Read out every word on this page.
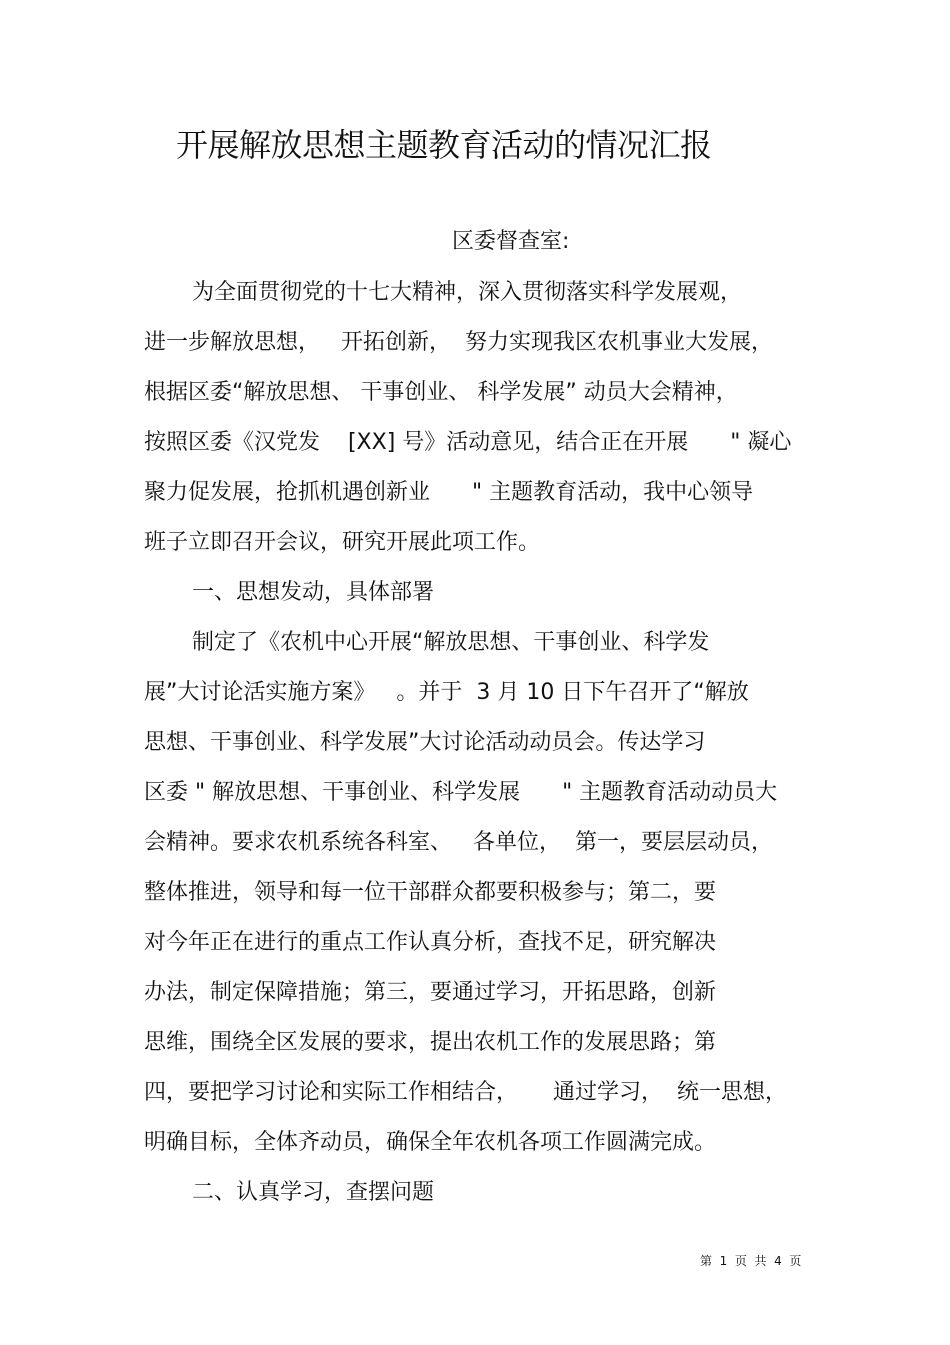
开展解放思想主题教育活动的情况汇报
区委督查室:
为全面贯彻党的十七大精神，深入贯彻落实科学发展观，
进一步解放思想，   开拓创新，  努力实现我区农机事业大发展，
根据区委“解放思想、 干事创业、 科学发展” 动员大会精神，
按照区委《汉党发    [XX] 号》活动意见，结合正在开展      " 凝心
聚力促发展，抢抓机遇创新业      " 主题教育活动，我中心领导
班子立即召开会议，研究开展此项工作。
一、思想发动，具体部署
制定了《农机中心开展“解放思想、干事创业、科学发
展”大讨论活实施方案》   。并于  3 月 10 日下午召开了“解放
思想、干事创业、科学发展”大讨论活动动员会。传达学习
区委 " 解放思想、干事创业、科学发展      " 主题教育活动动员大
会精神。要求农机系统各科室、   各单位，  第一，要层层动员，
整体推进，领导和每一位干部群众都要积极参与；第二，要
对今年正在进行的重点工作认真分析，查找不足，研究解决
办法，制定保障措施；第三，要通过学习，开拓思路，创新
思维，围绕全区发展的要求，提出农机工作的发展思路；第
四，要把学习讨论和实际工作相结合，     通过学习，  统一思想，
明确目标，全体齐动员，确保全年农机各项工作圆满完成。
二、认真学习，查摆问题
第  1  页  共  4  页
